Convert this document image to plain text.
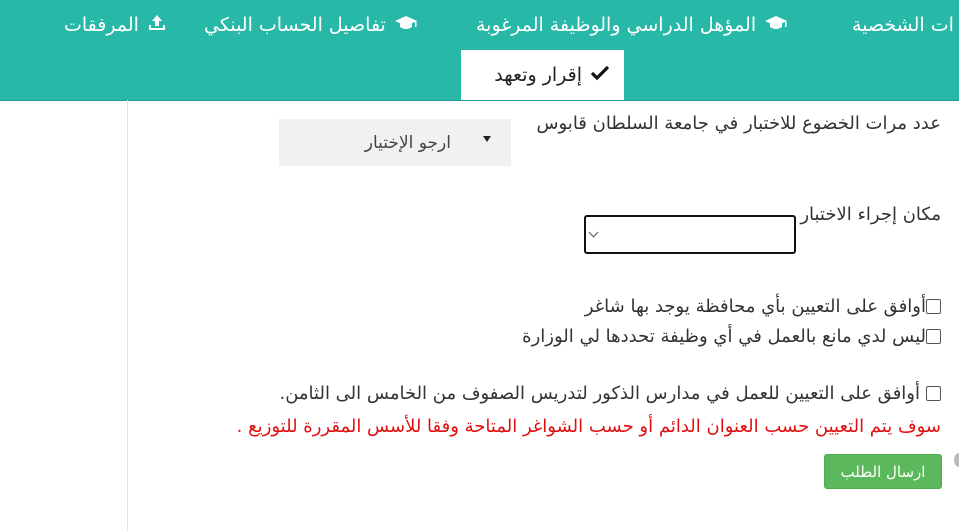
ات الشخصية
المؤهل الدراسي والوظيفة المرغوبة
تفاصيل الحساب البنكي
المرفقات
إقرار وتعهد
عدد مرات الخضوع للاختبار في جامعة السلطان قابوس
ارجو الإختيار
مكان إجراء الاختبار
أوافق على التعيين بأي محافظة يوجد بها شاغر
ليس لدي مانع بالعمل في أي وظيفة تحددها لي الوزارة
أوافق على التعيين للعمل في مدارس الذكور لتدريس الصفوف من الخامس الى الثامن.
سوف يتم التعيين حسب العنوان الدائم أو حسب الشواغر المتاحة وفقا للأسس المقررة للتوزيع .
ارسال الطلب
